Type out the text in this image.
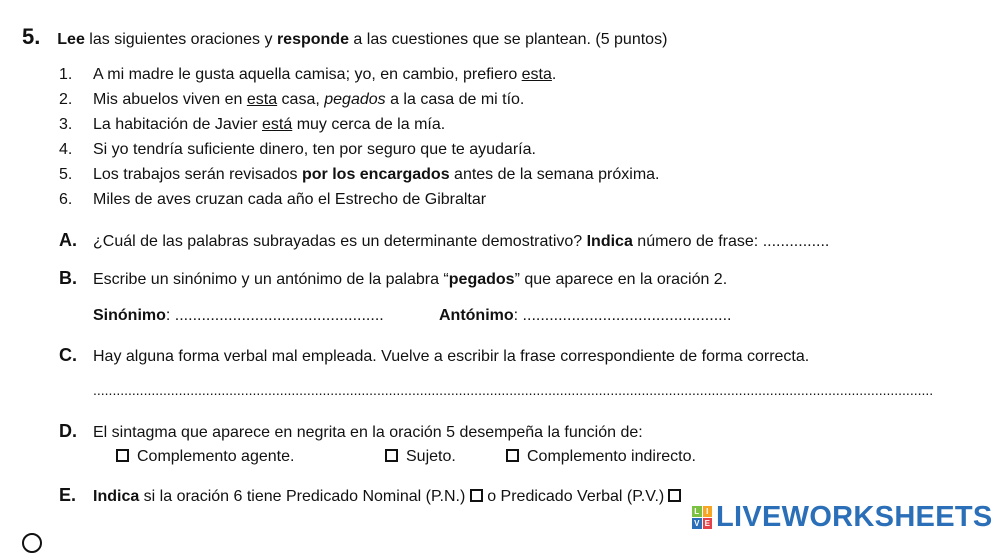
5. Lee las siguientes oraciones y responde a las cuestiones que se plantean. (5 puntos)
1. A mi madre le gusta aquella camisa; yo, en cambio, prefiero esta.
2. Mis abuelos viven en esta casa, pegados a la casa de mi tío.
3. La habitación de Javier está muy cerca de la mía.
4. Si yo tendría suficiente dinero, ten por seguro que te ayudaría.
5. Los trabajos serán revisados por los encargados antes de la semana próxima.
6. Miles de aves cruzan cada año el Estrecho de Gibraltar
A. ¿Cuál de las palabras subrayadas es un determinante demostrativo? Indica número de frase: ...............
B. Escribe un sinónimo y un antónimo de la palabra “pegados” que aparece en la oración 2.
Sinónimo: ...............................................	Antónimo: ...............................................
C. Hay alguna forma verbal mal empleada. Vuelve a escribir la frase correspondiente de forma correcta.
........................................................................................................................................................................................................................
D. El sintagma que aparece en negrita en la oración 5 desempeña la función de:
Complemento agente.	Sujeto.	Complemento indirecto.
E. Indica si la oración 6 tiene Predicado Nominal (P.N.)  o Predicado Verbal (P.V.)
L I
V E LIVEWORKSHEETS
